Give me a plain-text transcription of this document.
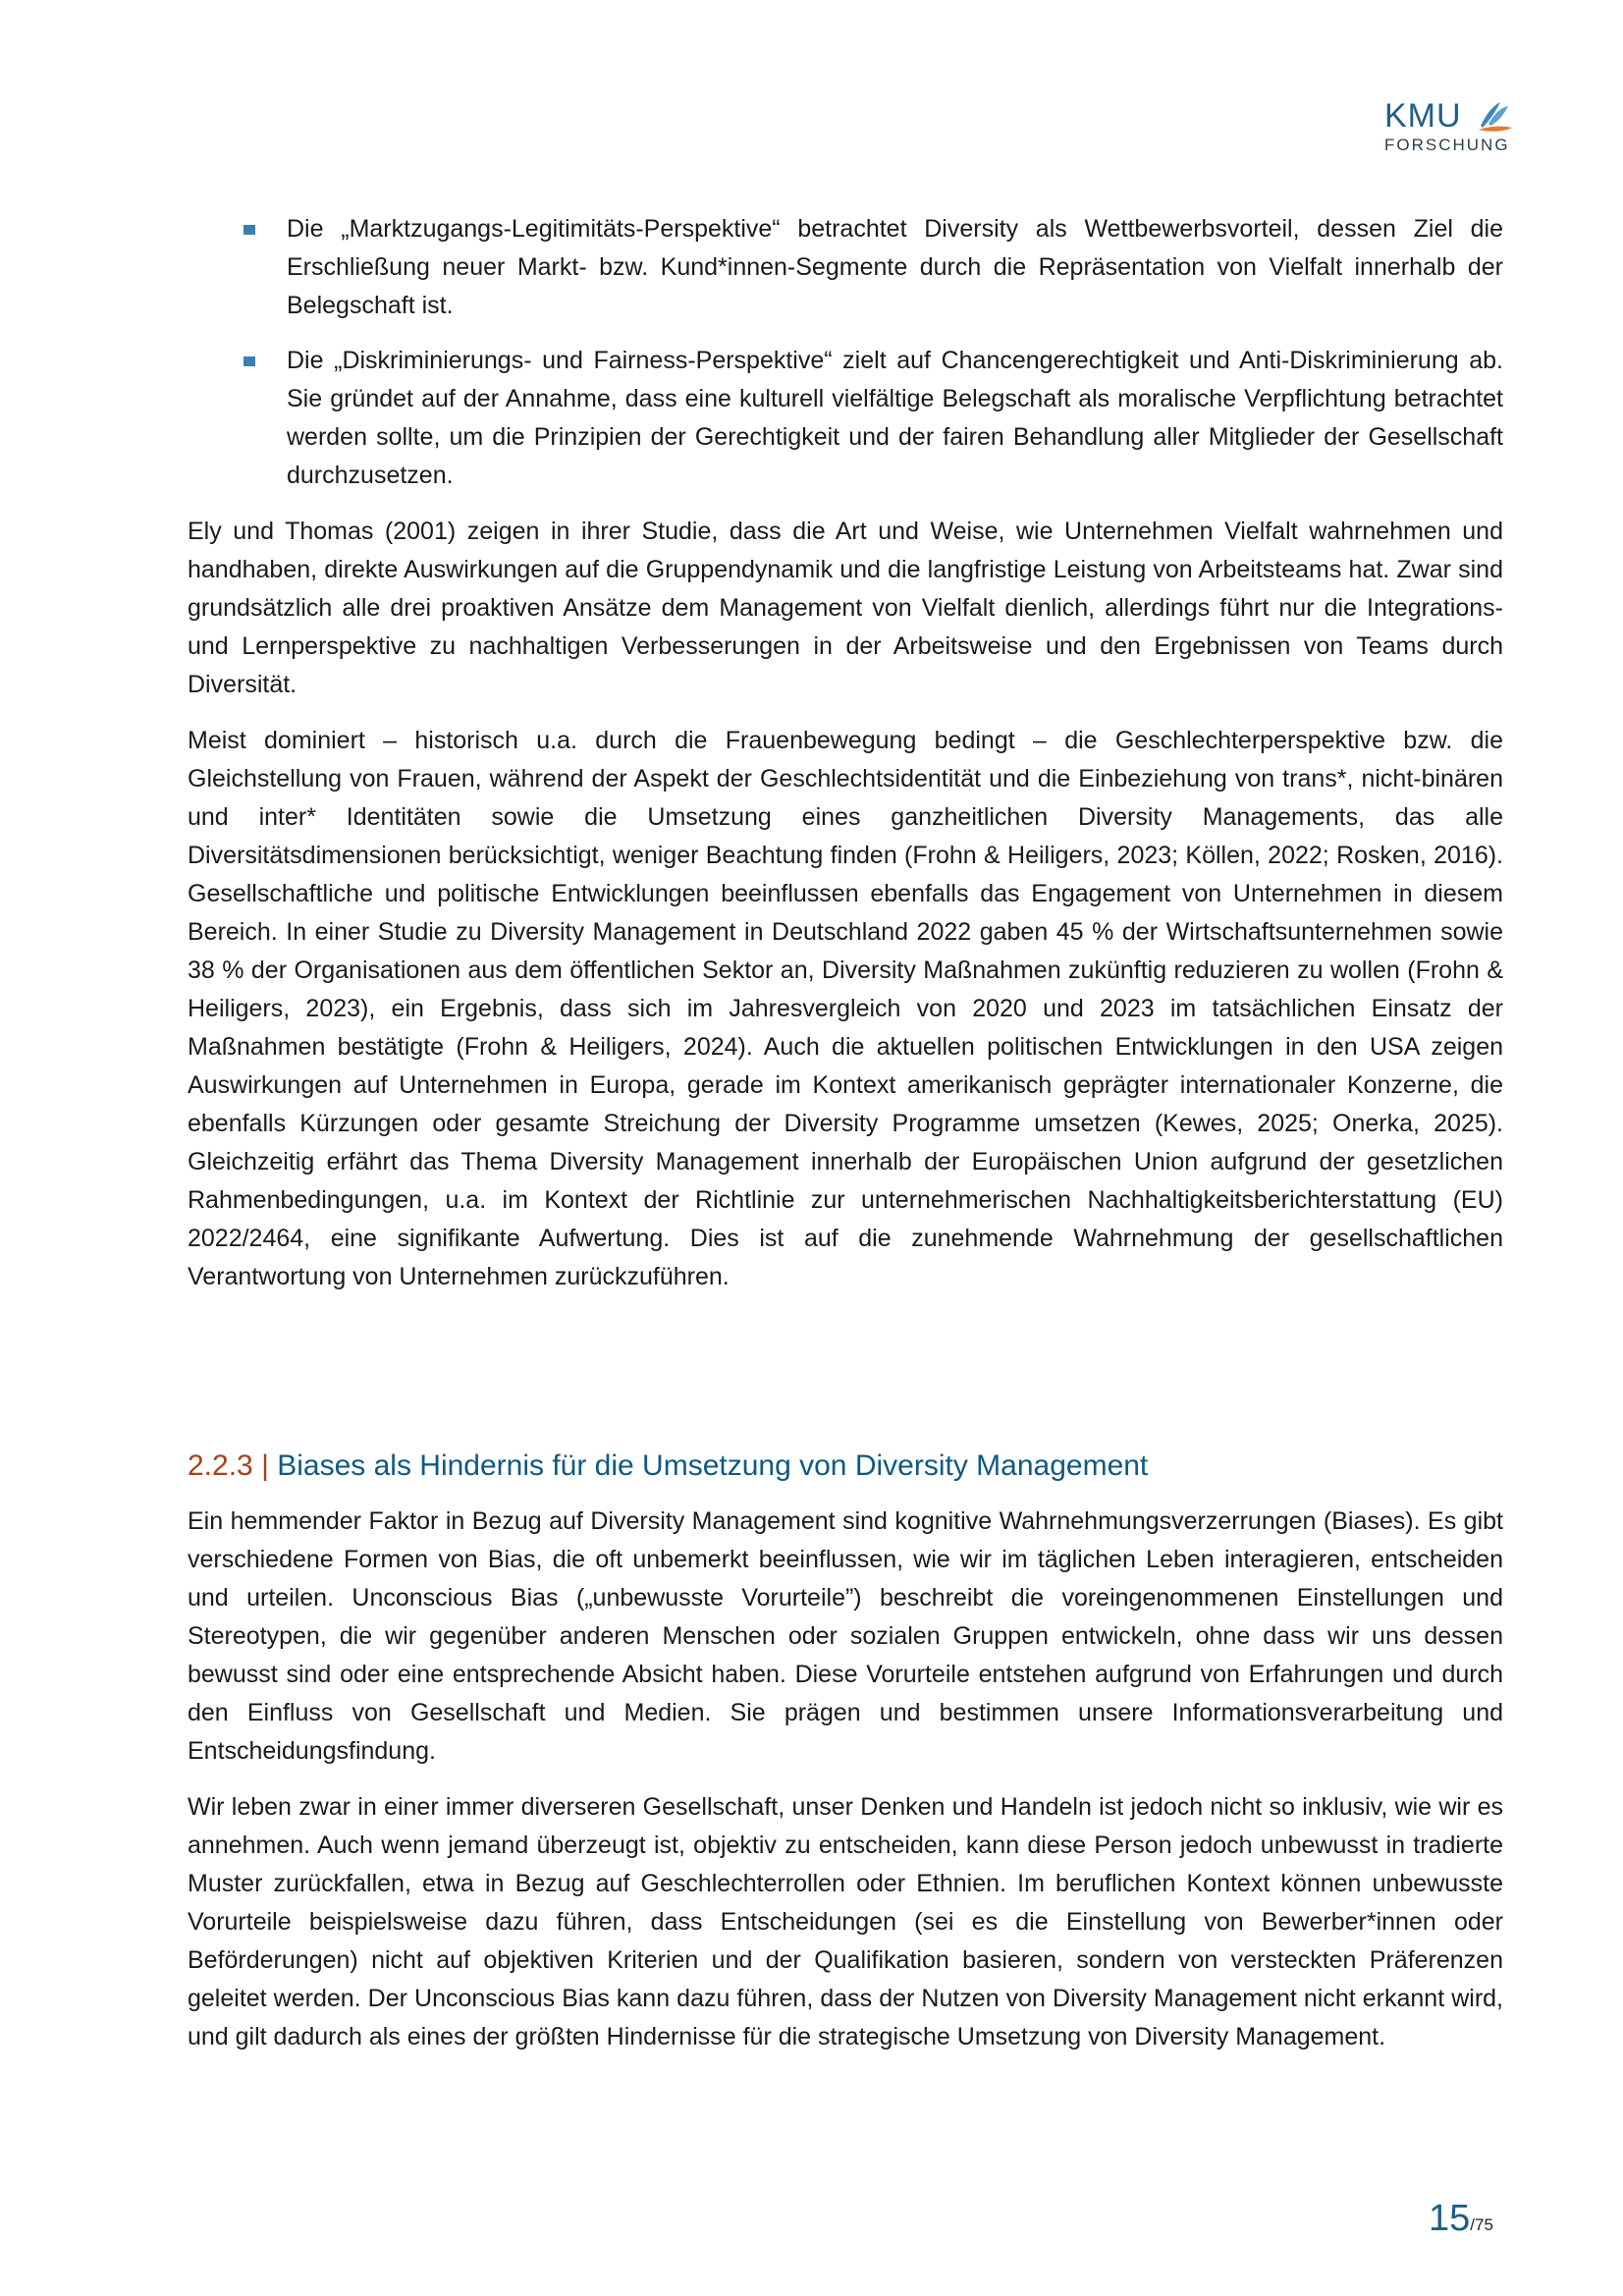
KMU
FORSCHUNG

Die „Marktzugangs-Legitimitäts-Perspektive“ betrachtet Diversity als Wettbewerbsvorteil, dessen Ziel die Erschließung neuer Markt- bzw. Kund*innen-Segmente durch die Repräsentation von Vielfalt innerhalb der Belegschaft ist.

Die „Diskriminierungs- und Fairness-Perspektive“ zielt auf Chancengerechtigkeit und Anti-Diskriminierung ab. Sie gründet auf der Annahme, dass eine kulturell vielfältige Belegschaft als moralische Verpflichtung betrachtet werden sollte, um die Prinzipien der Gerechtigkeit und der fairen Behandlung aller Mitglieder der Gesellschaft durchzusetzen.

Ely und Thomas (2001) zeigen in ihrer Studie, dass die Art und Weise, wie Unternehmen Vielfalt wahrnehmen und handhaben, direkte Auswirkungen auf die Gruppendynamik und die langfristige Leistung von Arbeitsteams hat. Zwar sind grundsätzlich alle drei proaktiven Ansätze dem Management von Vielfalt dienlich, allerdings führt nur die Integrations- und Lernperspektive zu nachhaltigen Verbesserungen in der Arbeitsweise und den Ergebnissen von Teams durch Diversität.

Meist dominiert – historisch u.a. durch die Frauenbewegung bedingt – die Geschlechterperspektive bzw. die Gleichstellung von Frauen, während der Aspekt der Geschlechtsidentität und die Einbeziehung von trans*, nicht-binären und inter* Identitäten sowie die Umsetzung eines ganzheitlichen Diversity Managements, das alle Diversitätsdimensionen berücksichtigt, weniger Beachtung finden (Frohn & Heiligers, 2023; Köllen, 2022; Rosken, 2016). Gesellschaftliche und politische Entwicklungen beeinflussen ebenfalls das Engagement von Unternehmen in diesem Bereich. In einer Studie zu Diversity Management in Deutschland 2022 gaben 45 % der Wirtschaftsunternehmen sowie 38 % der Organisationen aus dem öffentlichen Sektor an, Diversity Maßnahmen zukünftig reduzieren zu wollen (Frohn & Heiligers, 2023), ein Ergebnis, dass sich im Jahresvergleich von 2020 und 2023 im tatsächlichen Einsatz der Maßnahmen bestätigte (Frohn & Heiligers, 2024). Auch die aktuellen politischen Entwicklungen in den USA zeigen Auswirkungen auf Unternehmen in Europa, gerade im Kontext amerikanisch geprägter internationaler Konzerne, die ebenfalls Kürzungen oder gesamte Streichung der Diversity Programme umsetzen (Kewes, 2025; Onerka, 2025). Gleichzeitig erfährt das Thema Diversity Management innerhalb der Europäischen Union aufgrund der gesetzlichen Rahmenbedingungen, u.a. im Kontext der Richtlinie zur unternehmerischen Nachhaltigkeitsberichterstattung (EU) 2022/2464, eine signifikante Aufwertung. Dies ist auf die zunehmende Wahrnehmung der gesellschaftlichen Verantwortung von Unternehmen zurückzuführen.

2.2.3 | Biases als Hindernis für die Umsetzung von Diversity Management

Ein hemmender Faktor in Bezug auf Diversity Management sind kognitive Wahrnehmungsverzerrungen (Biases). Es gibt verschiedene Formen von Bias, die oft unbemerkt beeinflussen, wie wir im täglichen Leben interagieren, entscheiden und urteilen. Unconscious Bias („unbewusste Vorurteile”) beschreibt die voreingenommenen Einstellungen und Stereotypen, die wir gegenüber anderen Menschen oder sozialen Gruppen entwickeln, ohne dass wir uns dessen bewusst sind oder eine entsprechende Absicht haben. Diese Vorurteile entstehen aufgrund von Erfahrungen und durch den Einfluss von Gesellschaft und Medien. Sie prägen und bestimmen unsere Informationsverarbeitung und Entscheidungsfindung.

Wir leben zwar in einer immer diverseren Gesellschaft, unser Denken und Handeln ist jedoch nicht so inklusiv, wie wir es annehmen. Auch wenn jemand überzeugt ist, objektiv zu entscheiden, kann diese Person jedoch unbewusst in tradierte Muster zurückfallen, etwa in Bezug auf Geschlechterrollen oder Ethnien. Im beruflichen Kontext können unbewusste Vorurteile beispielsweise dazu führen, dass Entscheidungen (sei es die Einstellung von Bewerber*innen oder Beförderungen) nicht auf objektiven Kriterien und der Qualifikation basieren, sondern von versteckten Präferenzen geleitet werden. Der Unconscious Bias kann dazu führen, dass der Nutzen von Diversity Management nicht erkannt wird, und gilt dadurch als eines der größten Hindernisse für die strategische Umsetzung von Diversity Management.

15/75
